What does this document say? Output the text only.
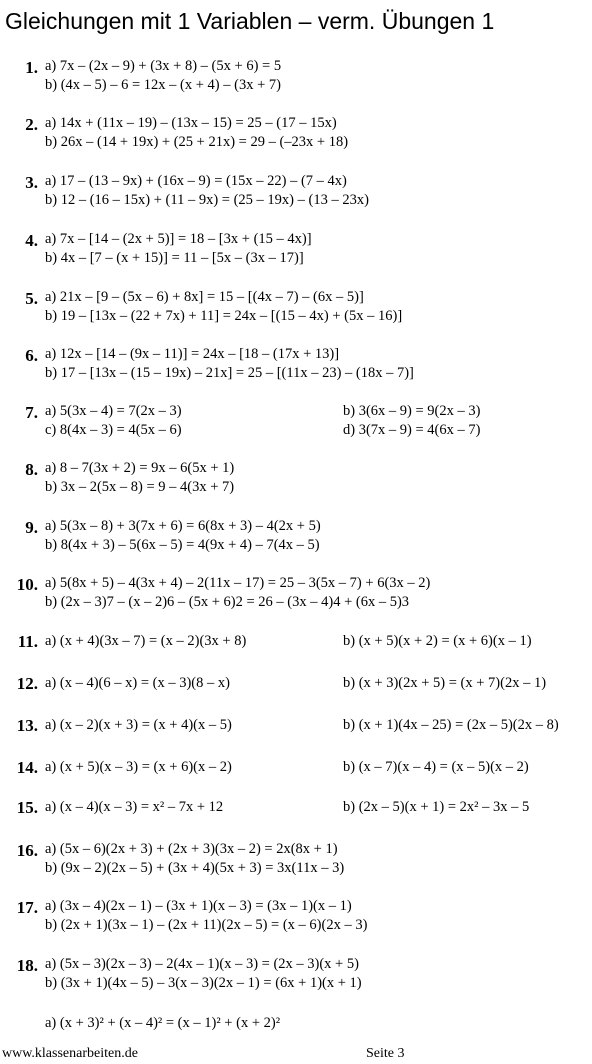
Gleichungen mit 1 Variablen – verm. Übungen 1
1. a) 7x – (2x – 9) + (3x + 8) – (5x + 6) = 5
b) (4x – 5) – 6 = 12x – (x + 4) – (3x + 7)
2. a) 14x + (11x – 19) – (13x – 15) = 25 – (17 – 15x)
b) 26x – (14 + 19x) + (25 + 21x) = 29 – (–23x + 18)
3. a) 17 – (13 – 9x) + (16x – 9) = (15x – 22) – (7 – 4x)
b) 12 – (16 – 15x) + (11 – 9x) = (25 – 19x) – (13 – 23x)
4. a) 7x – [14 – (2x + 5)] = 18 – [3x + (15 – 4x)]
b) 4x – [7 – (x + 15)] = 11 – [5x – (3x – 17)]
5. a) 21x – [9 – (5x – 6) + 8x] = 15 – [(4x – 7) – (6x – 5)]
b) 19 – [13x – (22 + 7x) + 11] = 24x – [(15 – 4x) + (5x – 16)]
6. a) 12x – [14 – (9x – 11)] = 24x – [18 – (17x + 13)]
b) 17 – [13x – (15 – 19x) – 21x] = 25 – [(11x – 23) – (18x – 7)]
7. a) 5(3x – 4) = 7(2x – 3)	b) 3(6x – 9) = 9(2x – 3)
c) 8(4x – 3) = 4(5x – 6)	d) 3(7x – 9) = 4(6x – 7)
8. a) 8 – 7(3x + 2) = 9x – 6(5x + 1)
b) 3x – 2(5x – 8) = 9 – 4(3x + 7)
9. a) 5(3x – 8) + 3(7x + 6) = 6(8x + 3) – 4(2x + 5)
b) 8(4x + 3) – 5(6x – 5) = 4(9x + 4) – 7(4x – 5)
10. a) 5(8x + 5) – 4(3x + 4) – 2(11x – 17) = 25 – 3(5x – 7) + 6(3x – 2)
b) (2x – 3)7 – (x – 2)6 – (5x + 6)2 = 26 – (3x – 4)4 + (6x – 5)3
11. a) (x + 4)(3x – 7) = (x – 2)(3x + 8)	b) (x + 5)(x + 2) = (x + 6)(x – 1)
12. a) (x – 4)(6 – x) = (x – 3)(8 – x)	b) (x + 3)(2x + 5) = (x + 7)(2x – 1)
13. a) (x – 2)(x + 3) = (x + 4)(x – 5)	b) (x + 1)(4x – 25) = (2x – 5)(2x – 8)
14. a) (x + 5)(x – 3) = (x + 6)(x – 2)	b) (x – 7)(x – 4) = (x – 5)(x – 2)
15. a) (x – 4)(x – 3) = x² – 7x + 12	b) (2x – 5)(x + 1) = 2x² – 3x – 5
16. a) (5x – 6)(2x + 3) + (2x + 3)(3x – 2) = 2x(8x + 1)
b) (9x – 2)(2x – 5) + (3x + 4)(5x + 3) = 3x(11x – 3)
17. a) (3x – 4)(2x – 1) – (3x + 1)(x – 3) = (3x – 1)(x – 1)
b) (2x + 1)(3x – 1) – (2x + 11)(2x – 5) = (x – 6)(2x – 3)
18. a) (5x – 3)(2x – 3) – 2(4x – 1)(x – 3) = (2x – 3)(x + 5)
b) (3x + 1)(4x – 5) – 3(x – 3)(2x – 1) = (6x + 1)(x + 1)
a) (x + 3)² + (x – 4)² = (x – 1)² + (x + 2)²
www.klassenarbeiten.de	Seite 3
